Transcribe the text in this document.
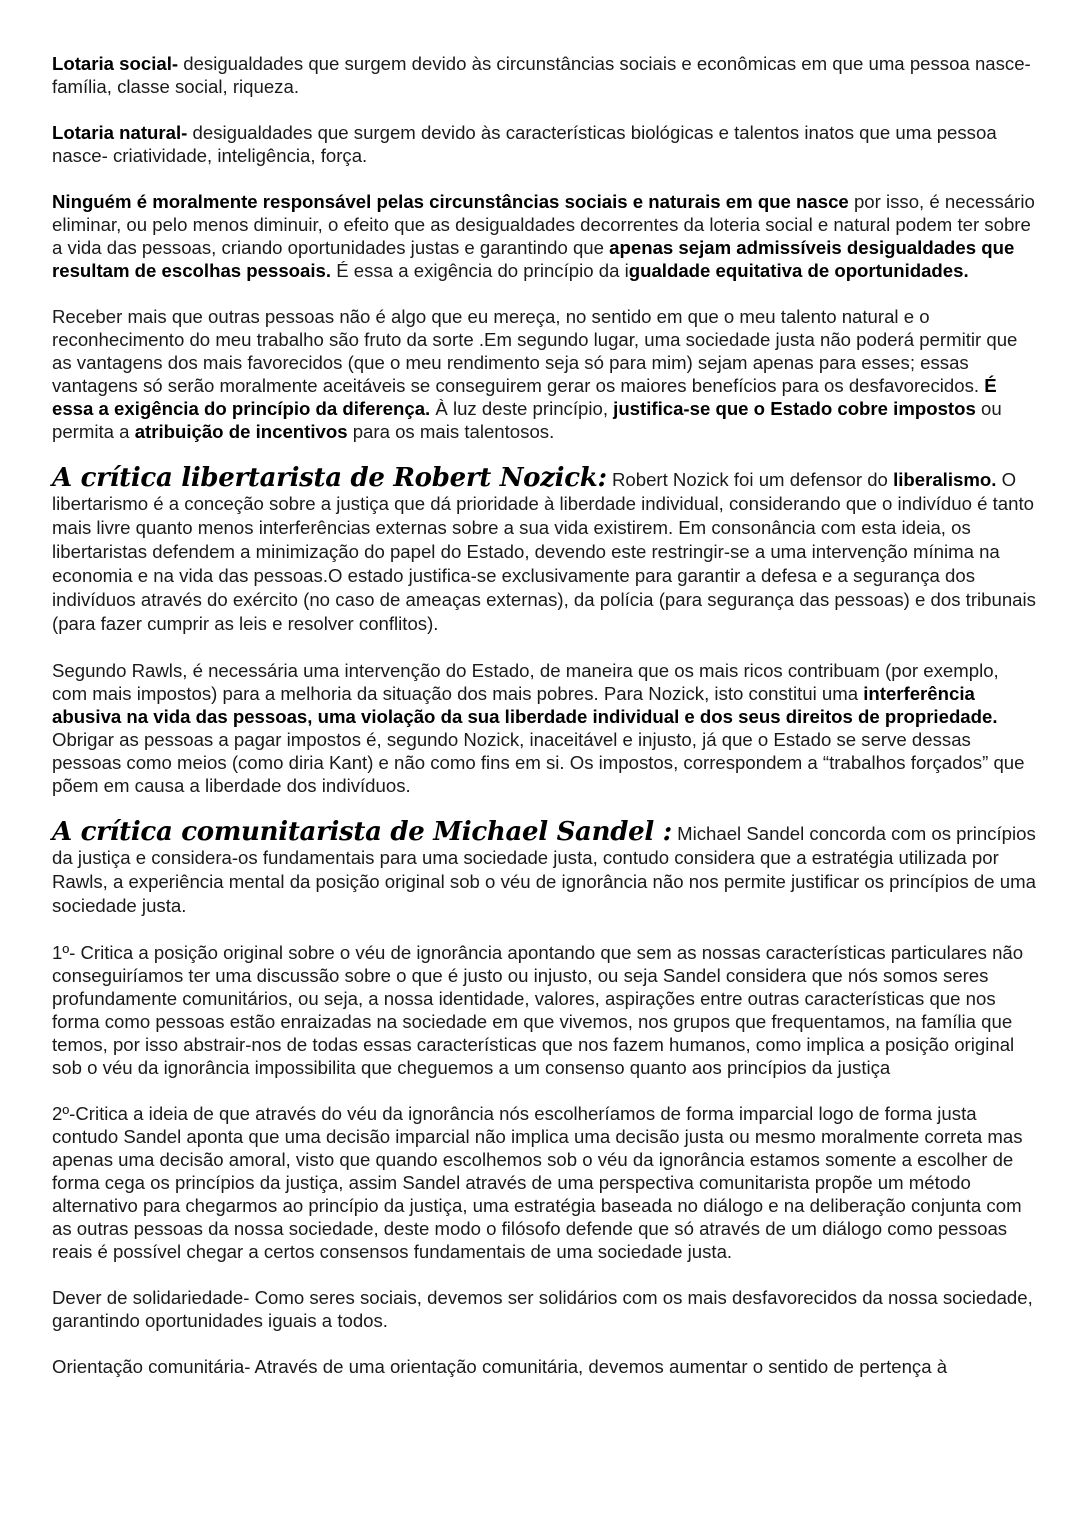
Lotaria social- desigualdades que surgem devido às circunstâncias sociais e econômicas em que uma pessoa nasce- família, classe social, riqueza.

Lotaria natural- desigualdades que surgem devido às características biológicas e talentos inatos que uma pessoa nasce- criatividade, inteligência, força.

Ninguém é moralmente responsável pelas circunstâncias sociais e naturais em que nasce por isso, é necessário eliminar, ou pelo menos diminuir, o efeito que as desigualdades decorrentes da loteria social e natural podem ter sobre a vida das pessoas, criando oportunidades justas e garantindo que apenas sejam admissíveis desigualdades que resultam de escolhas pessoais. É essa a exigência do princípio da igualdade equitativa de oportunidades.

Receber mais que outras pessoas não é algo que eu mereça, no sentido em que o meu talento natural e o reconhecimento do meu trabalho são fruto da sorte .Em segundo lugar, uma sociedade justa não poderá permitir que as vantagens dos mais favorecidos (que o meu rendimento seja só para mim) sejam apenas para esses; essas vantagens só serão moralmente aceitáveis se conseguirem gerar os maiores benefícios para os desfavorecidos. É essa a exigência do princípio da diferença. À luz deste princípio, justifica-se que o Estado cobre impostos ou permita a atribuição de incentivos para os mais talentosos.

A crítica libertarista de Robert Nozick: Robert Nozick foi um defensor do liberalismo. O libertarismo é a conceção sobre a justiça que dá prioridade à liberdade individual, considerando que o indivíduo é tanto mais livre quanto menos interferências externas sobre a sua vida existirem. Em consonância com esta ideia, os libertaristas defendem a minimização do papel do Estado, devendo este restringir-se a uma intervenção mínima na economia e na vida das pessoas.O estado justifica-se exclusivamente para garantir a defesa e a segurança dos indivíduos através do exército (no caso de ameaças externas), da polícia (para segurança das pessoas) e dos tribunais (para fazer cumprir as leis e resolver conflitos).

Segundo Rawls, é necessária uma intervenção do Estado, de maneira que os mais ricos contribuam (por exemplo, com mais impostos) para a melhoria da situação dos mais pobres. Para Nozick, isto constitui uma interferência abusiva na vida das pessoas, uma violação da sua liberdade individual e dos seus direitos de propriedade. Obrigar as pessoas a pagar impostos é, segundo Nozick, inaceitável e injusto, já que o Estado se serve dessas pessoas como meios (como diria Kant) e não como fins em si. Os impostos, correspondem a “trabalhos forçados” que põem em causa a liberdade dos indivíduos.

A crítica comunitarista de Michael Sandel : Michael Sandel concorda com os princípios da justiça e considera-os fundamentais para uma sociedade justa, contudo considera que a estratégia utilizada por Rawls, a experiência mental da posição original sob o véu de ignorância não nos permite justificar os princípios de uma sociedade justa.

1º- Critica a posição original sobre o véu de ignorância apontando que sem as nossas características particulares não conseguiríamos ter uma discussão sobre o que é justo ou injusto, ou seja Sandel considera que nós somos seres profundamente comunitários, ou seja, a nossa identidade, valores, aspirações entre outras características que nos forma como pessoas estão enraizadas na sociedade em que vivemos, nos grupos que frequentamos, na família que temos, por isso abstrair-nos de todas essas características que nos fazem humanos, como implica a posição original sob o véu da ignorância impossibilita que cheguemos a um consenso quanto aos princípios da justiça

2º-Critica a ideia de que através do véu da ignorância nós escolheríamos de forma imparcial logo de forma justa contudo Sandel aponta que uma decisão imparcial não implica uma decisão justa ou mesmo moralmente correta mas apenas uma decisão amoral, visto que quando escolhemos sob o véu da ignorância estamos somente a escolher de forma cega os princípios da justiça, assim Sandel através de uma perspectiva comunitarista propõe um método alternativo para chegarmos ao princípio da justiça, uma estratégia baseada no diálogo e na deliberação conjunta com as outras pessoas da nossa sociedade, deste modo o filósofo defende que só através de um diálogo como pessoas reais é possível chegar a certos consensos fundamentais de uma sociedade justa.

Dever de solidariedade- Como seres sociais, devemos ser solidários com os mais desfavorecidos da nossa sociedade, garantindo oportunidades iguais a todos.

Orientação comunitária- Através de uma orientação comunitária, devemos aumentar o sentido de pertença à
